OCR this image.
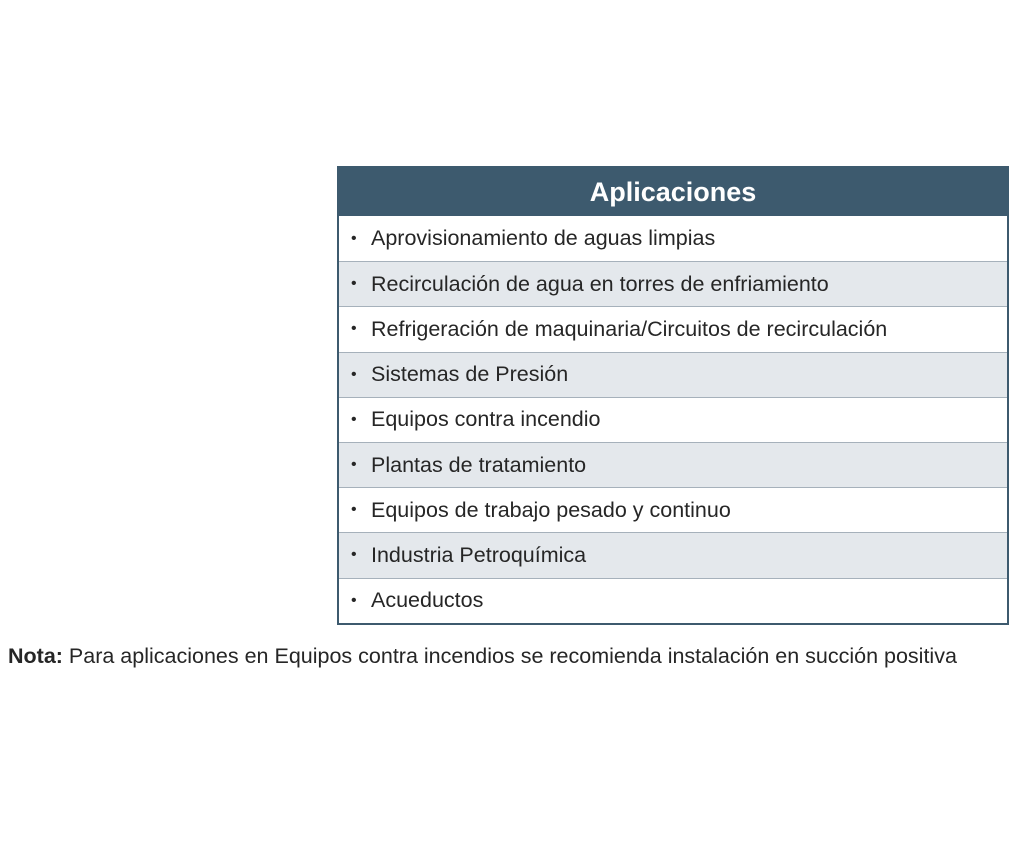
Aplicaciones
• Aprovisionamiento de aguas limpias
• Recirculación de agua en torres de enfriamiento
• Refrigeración de maquinaria/Circuitos de recirculación
• Sistemas de Presión
• Equipos contra incendio
• Plantas de tratamiento
• Equipos de trabajo pesado y continuo
• Industria Petroquímica
• Acueductos
Nota: Para aplicaciones en Equipos contra incendios se recomienda instalación en succión positiva
